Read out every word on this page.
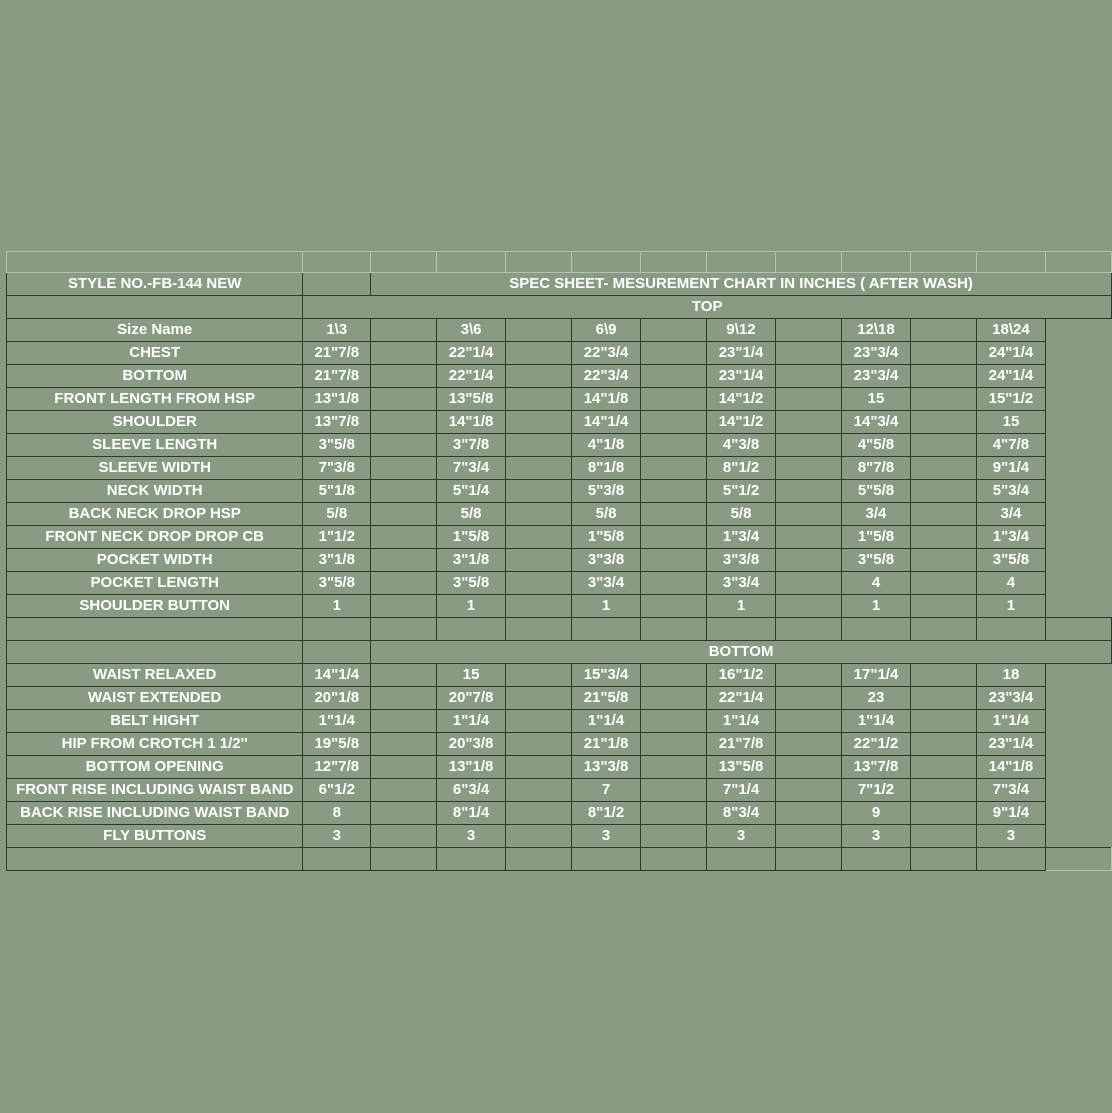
STYLE NO.-FB-144 NEW		SPEC SHEET- MESUREMENT CHART IN INCHES ( AFTER WASH)										
	TOP											
Size Name	1\3		3\6		6\9		9\12		12\18		18\24	
CHEST	21"7/8		22"1/4		22"3/4		23"1/4		23"3/4		24"1/4	
BOTTOM	21"7/8		22"1/4		22"3/4		23"1/4		23"3/4		24"1/4	
FRONT LENGTH FROM HSP	13"1/8		13"5/8		14"1/8		14"1/2		15		15"1/2	
SHOULDER	13"7/8		14"1/8		14"1/4		14"1/2		14"3/4		15	
SLEEVE LENGTH	3"5/8		3"7/8		4"1/8		4"3/8		4"5/8		4"7/8	
SLEEVE WIDTH	7"3/8		7"3/4		8"1/8		8"1/2		8"7/8		9"1/4	
NECK WIDTH	5"1/8		5"1/4		5"3/8		5"1/2		5"5/8		5"3/4	
BACK NECK DROP HSP	5/8		5/8		5/8		5/8		3/4		3/4	
FRONT NECK DROP DROP CB	1"1/2		1"5/8		1"5/8		1"3/4		1"5/8		1"3/4	
POCKET WIDTH	3"1/8		3"1/8		3"3/8		3"3/8		3"5/8		3"5/8	
POCKET LENGTH	3"5/8		3"5/8		3"3/4		3"3/4		4		4	
SHOULDER BUTTON	1		1		1		1		1		1	

		BOTTOM										
WAIST RELAXED	14"1/4		15		15"3/4		16"1/2		17"1/4		18	
WAIST EXTENDED	20"1/8		20"7/8		21"5/8		22"1/4		23		23"3/4	
BELT HIGHT	1"1/4		1"1/4		1"1/4		1"1/4		1"1/4		1"1/4	
HIP FROM CROTCH 1 1/2''	19"5/8		20"3/8		21"1/8		21"7/8		22"1/2		23"1/4	
BOTTOM OPENING	12"7/8		13"1/8		13"3/8		13"5/8		13"7/8		14"1/8	
FRONT RISE INCLUDING WAIST BAND	6"1/2		6"3/4		7		7"1/4		7"1/2		7"3/4	
BACK RISE INCLUDING WAIST BAND	8		8"1/4		8"1/2		8"3/4		9		9"1/4	
FLY BUTTONS	3		3		3		3		3		3	
